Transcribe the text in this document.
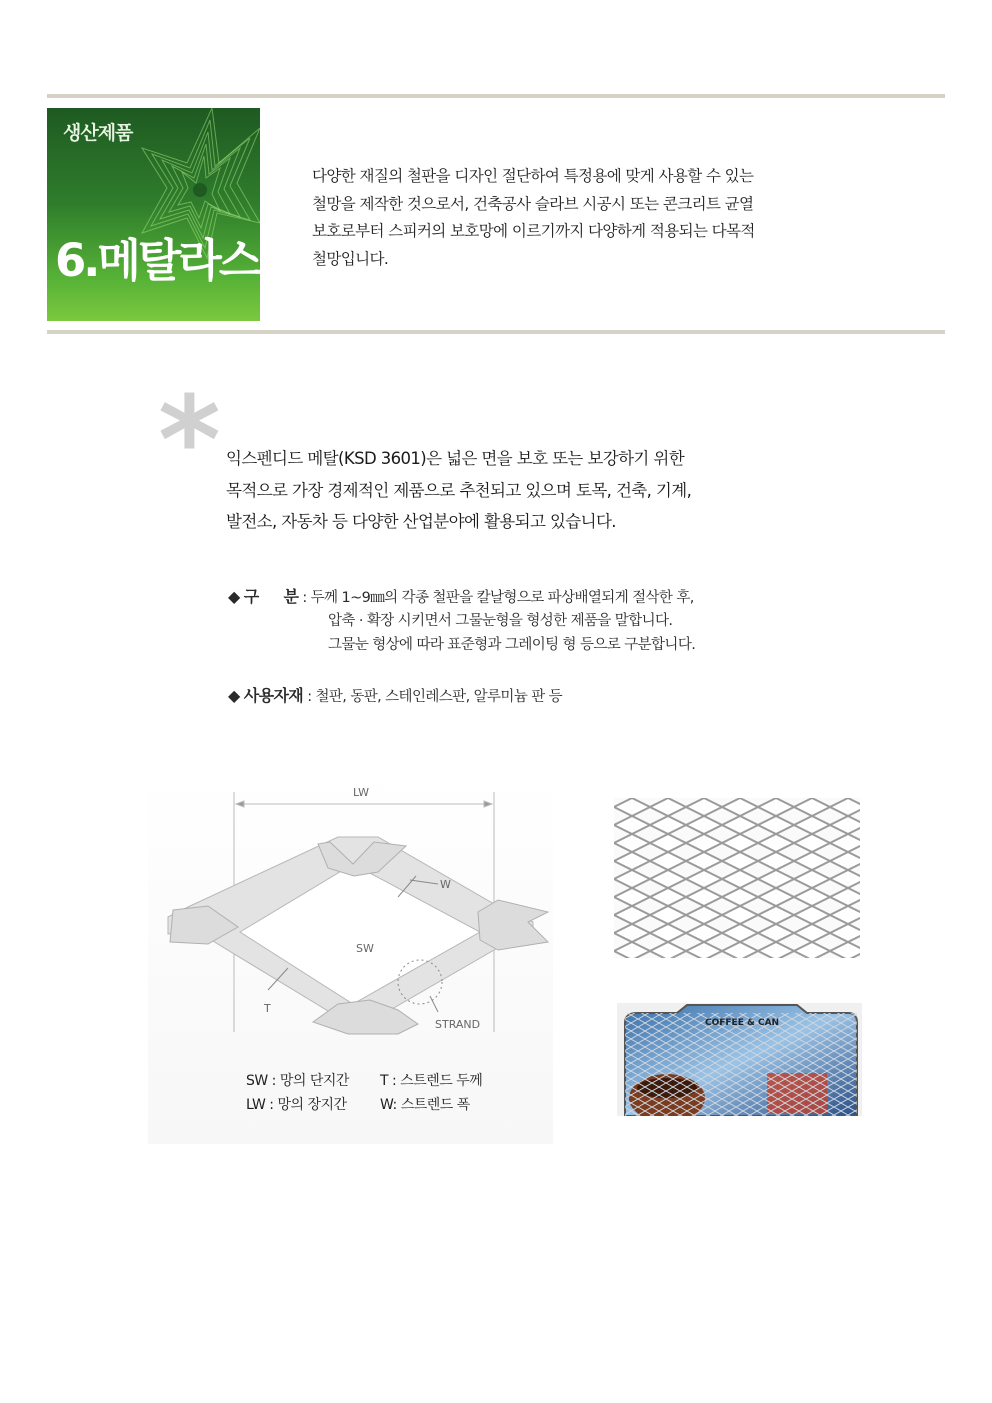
생산제품
6.메탈라스

다양한 재질의 철판을 디자인 절단하여 특정용에 맞게 사용할 수 있는

철망을 제작한 것으로서, 건축공사 슬라브 시공시 또는 콘크리트 균열

보호로부터 스피커의 보호망에 이르기까지 다양하게 적용되는 다목적

철망입니다.

* 익스펜디드 메탈(KSD 3601)은 넓은 면을 보호 또는 보강하기 위한

목적으로 가장 경제적인 제품으로 추천되고 있으며 토목, 건축, 기계,

발전소, 자동차 등 다양한 산업분야에 활용되고 있습니다.

◆ 구     분 : 두께 1~9㎜의 각종 철판을 칼날형으로 파상배열되게 절삭한 후,
압축 · 확장 시키면서 그물눈형을 형성한 제품을 말합니다.
그물눈 형상에 따라 표준형과 그레이팅 형 등으로 구분합니다.
◆ 사용자재 : 철판, 동판, 스테인레스판, 알루미늄 판 등
LW
W
SW
T
STRAND
SW : 망의 단지간 T : 스트렌드 두께
LW : 망의 장지간 W: 스트렌드 폭
COFFEE & CAN
